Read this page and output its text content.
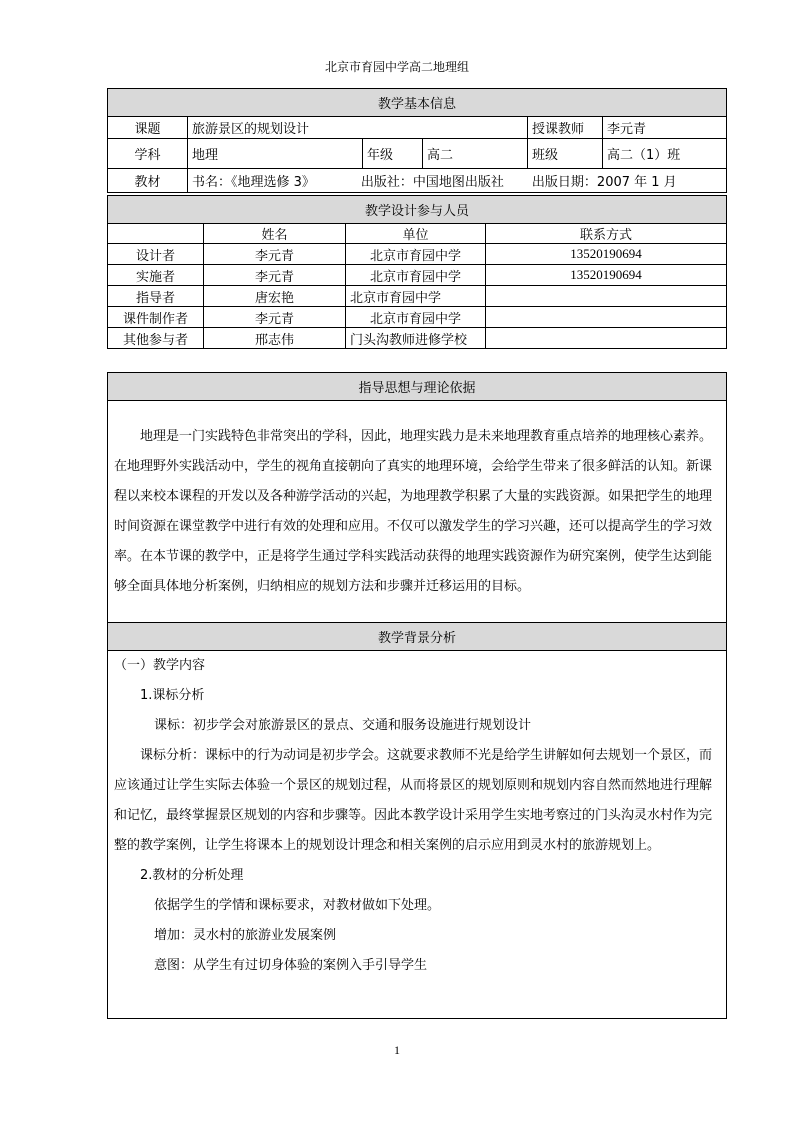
北京市育园中学高二地理组
教学基本信息					
课题	旅游景区的规划设计			授课教师	李元青
学科	地理	年级	高二	班级	高二（1）班
教材	书名：《地理选修 3》 出版社：中国地图出版社 出版日期：2007 年 1 月				
教学设计参与人员			
	姓名	单位	联系方式
设计者	李元青	北京市育园中学	13520190694
实施者	李元青	北京市育园中学	13520190694
指导者	唐宏艳	北京市育园中学	
课件制作者	李元青	北京市育园中学	
其他参与者	邢志伟	门头沟教师进修学校	
指导思想与理论依据
地理是一门实践特色非常突出的学科，因此，地理实践力是未来地理教育重点培养的地理核心素养。在地理野外实践活动中，学生的视角直接朝向了真实的地理环境，会给学生带来了很多鲜活的认知。新课程以来校本课程的开发以及各种游学活动的兴起，为地理教学积累了大量的实践资源。如果把学生的地理时间资源在课堂教学中进行有效的处理和应用。不仅可以激发学生的学习兴趣，还可以提高学生的学习效率。在本节课的教学中，正是将学生通过学科实践活动获得的地理实践资源作为研究案例，使学生达到能够全面具体地分析案例，归纳相应的规划方法和步骤并迁移运用的目标。
教学背景分析

（一）教学内容

1.课标分析

课标：初步学会对旅游景区的景点、交通和服务设施进行规划设计

课标分析：课标中的行为动词是初步学会。这就要求教师不光是给学生讲解如何去规划一个景区，而应该通过让学生实际去体验一个景区的规划过程，从而将景区的规划原则和规划内容自然而然地进行理解和记忆，最终掌握景区规划的内容和步骤等。因此本教学设计采用学生实地考察过的门头沟灵水村作为完整的教学案例，让学生将课本上的规划设计理念和相关案例的启示应用到灵水村的旅游规划上。

2.教材的分析处理

依据学生的学情和课标要求，对教材做如下处理。

增加：灵水村的旅游业发展案例

意图：从学生有过切身体验的案例入手引导学生

1
